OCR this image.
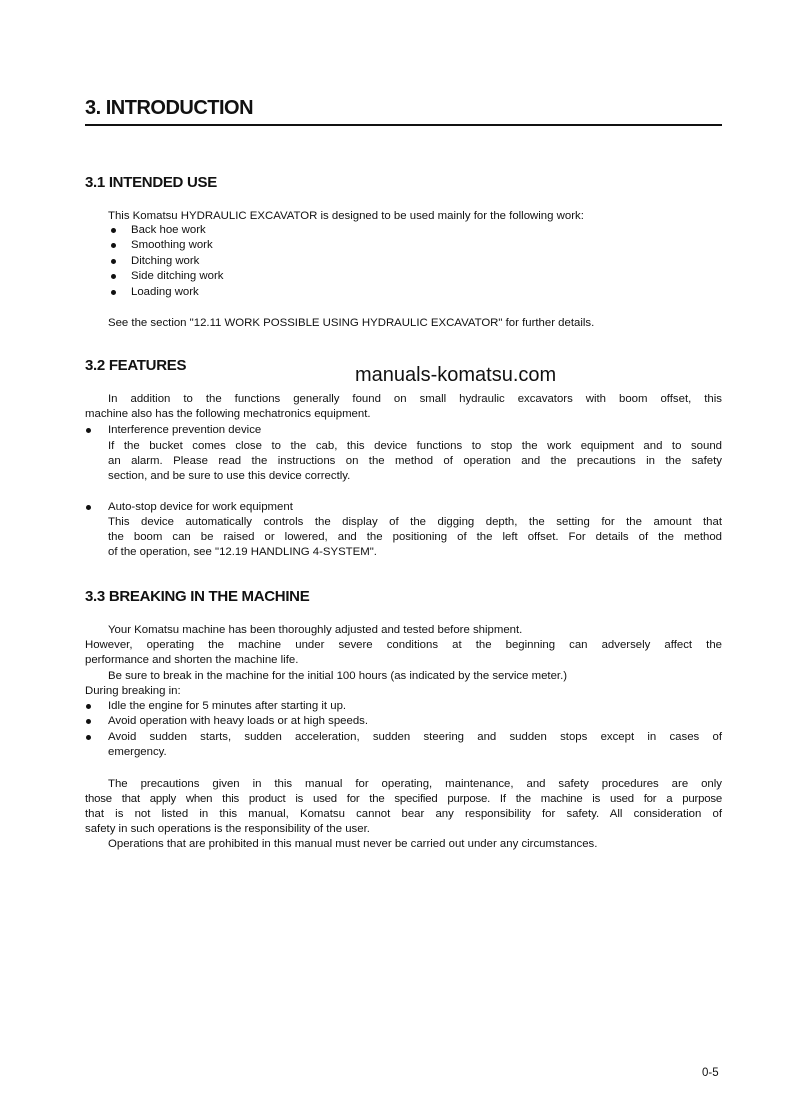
3. INTRODUCTION
3.1 INTENDED USE
This Komatsu HYDRAULIC EXCAVATOR is designed to be used mainly for the following work:
Back hoe work
Smoothing work
Ditching work
Side ditching work
Loading work
See the section "12.11 WORK POSSIBLE USING HYDRAULIC EXCAVATOR" for further details.
3.2 FEATURES	manuals-komatsu.com
In addition to the functions generally found on small hydraulic excavators with boom offset, this
machine also has the following mechatronics equipment.
Interference prevention device
If the bucket comes close to the cab, this device functions to stop the work equipment and to sound
an alarm. Please read the instructions on the method of operation and the precautions in the safety
section, and be sure to use this device correctly.
Auto-stop device for work equipment
This device automatically controls the display of the digging depth, the setting for the amount that
the boom can be raised or lowered, and the positioning of the left offset. For details of the method
of the operation, see "12.19 HANDLING 4-SYSTEM".
3.3 BREAKING IN THE MACHINE
Your Komatsu machine has been thoroughly adjusted and tested before shipment.
However, operating the machine under severe conditions at the beginning can adversely affect the
performance and shorten the machine life.
Be sure to break in the machine for the initial 100 hours (as indicated by the service meter.)
During breaking in:
Idle the engine for 5 minutes after starting it up.
Avoid operation with heavy loads or at high speeds.
Avoid sudden starts, sudden acceleration, sudden steering and sudden stops except in cases of
emergency.
The precautions given in this manual for operating, maintenance, and safety procedures are only
those that apply when this product is used for the specified purpose. If the machine is used for a purpose
that is not listed in this manual, Komatsu cannot bear any responsibility for safety. All consideration of
safety in such operations is the responsibility of the user.
Operations that are prohibited in this manual must never be carried out under any circumstances.
0-5
